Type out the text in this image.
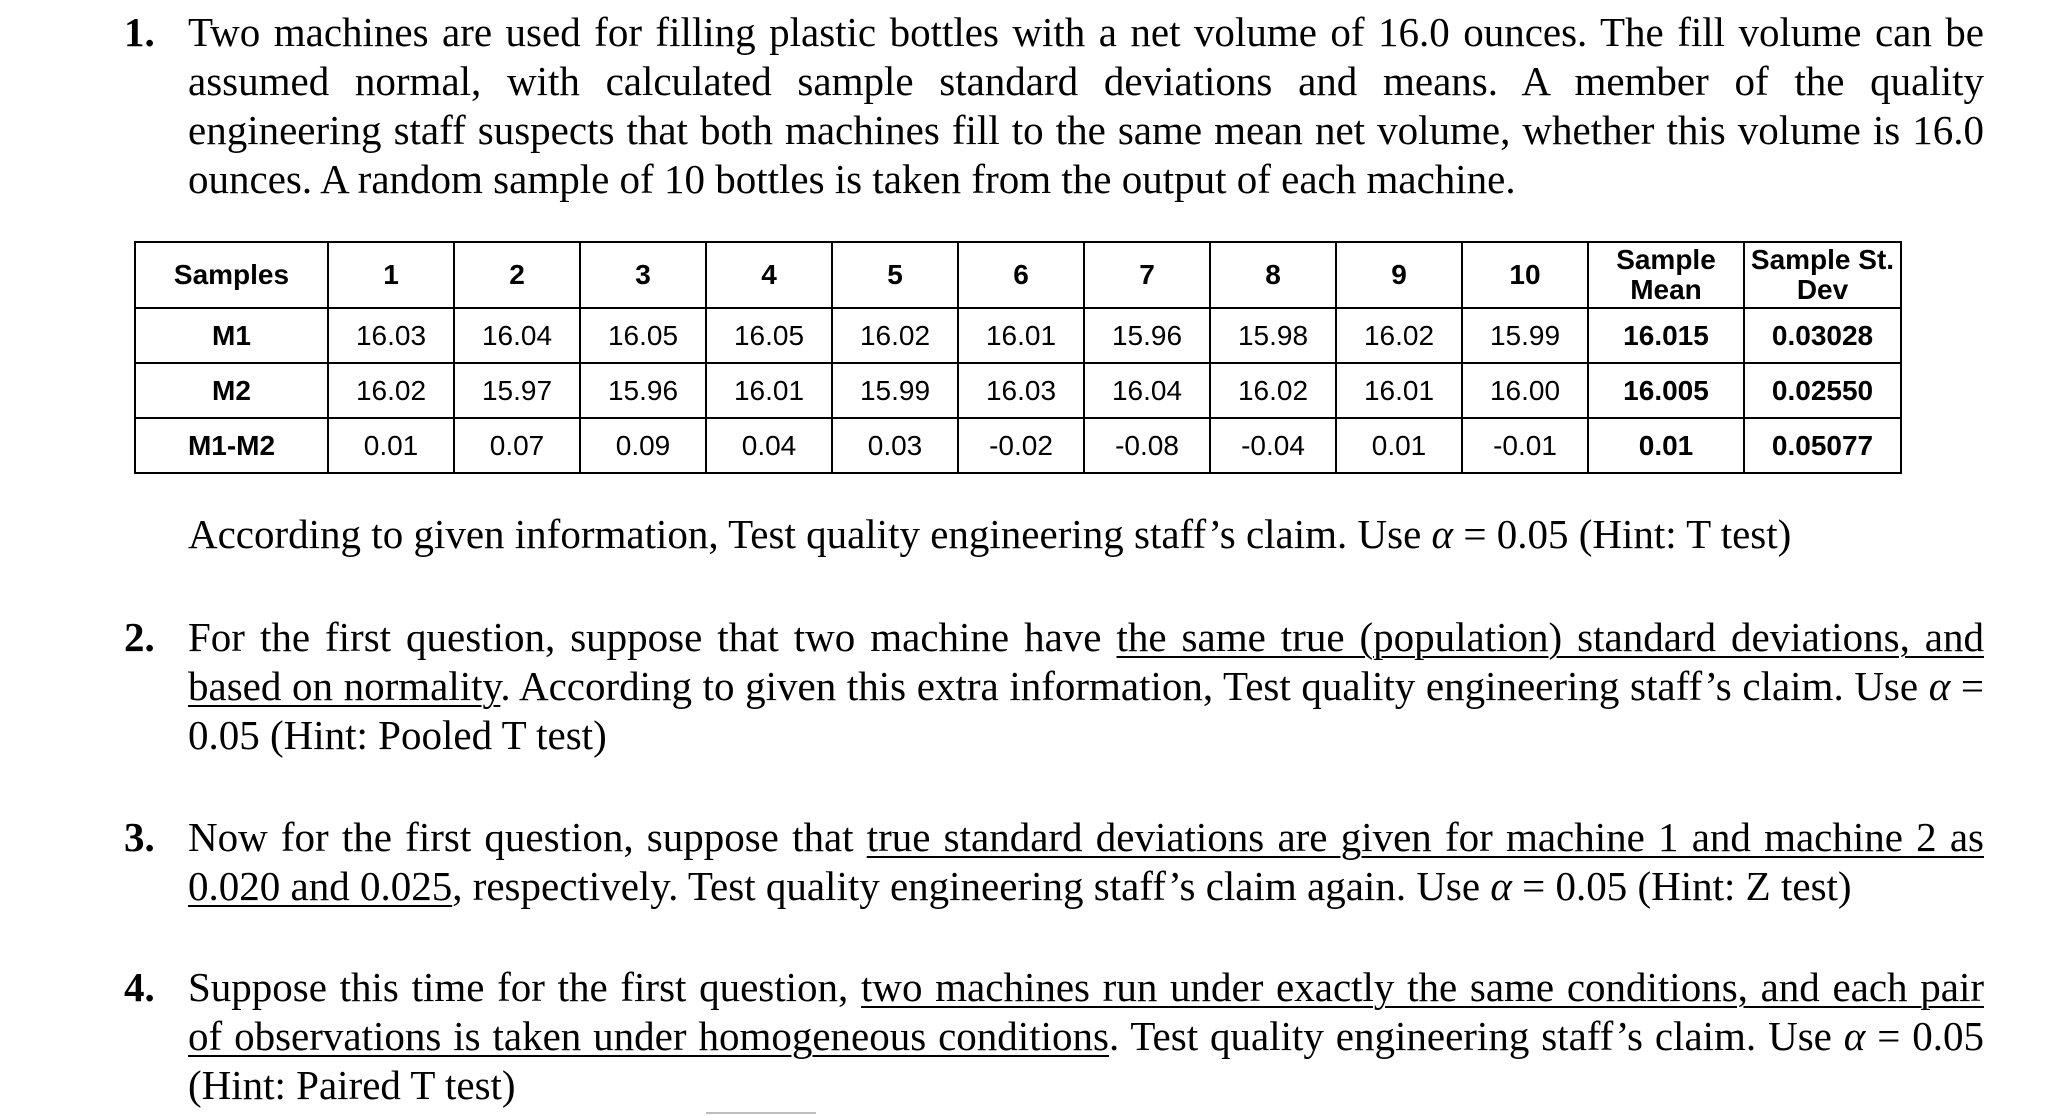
1. Two machines are used for filling plastic bottles with a net volume of 16.0 ounces. The fill volume can be assumed normal, with calculated sample standard deviations and means. A member of the quality engineering staff suspects that both machines fill to the same mean net volume, whether this volume is 16.0 ounces. A random sample of 10 bottles is taken from the output of each machine.
Samples	1	2	3	4	5	6	7	8	9	10	Sample Mean	Sample St. Dev
M1	16.03	16.04	16.05	16.05	16.02	16.01	15.96	15.98	16.02	15.99	16.015	0.03028
M2	16.02	15.97	15.96	16.01	15.99	16.03	16.04	16.02	16.01	16.00	16.005	0.02550
M1-M2	0.01	0.07	0.09	0.04	0.03	-0.02	-0.08	-0.04	0.01	-0.01	0.01	0.05077
According to given information, Test quality engineering staff’s claim. Use α = 0.05 (Hint: T test)
2. For the first question, suppose that two machine have the same true (population) standard deviations, and based on normality. According to given this extra information, Test quality engineering staff’s claim. Use α = 0.05 (Hint: Pooled T test)
3. Now for the first question, suppose that true standard deviations are given for machine 1 and machine 2 as 0.020 and 0.025, respectively. Test quality engineering staff’s claim again. Use α = 0.05 (Hint: Z test)
4. Suppose this time for the first question, two machines run under exactly the same conditions, and each pair of observations is taken under homogeneous conditions. Test quality engineering staff’s claim. Use α = 0.05 (Hint: Paired T test)
